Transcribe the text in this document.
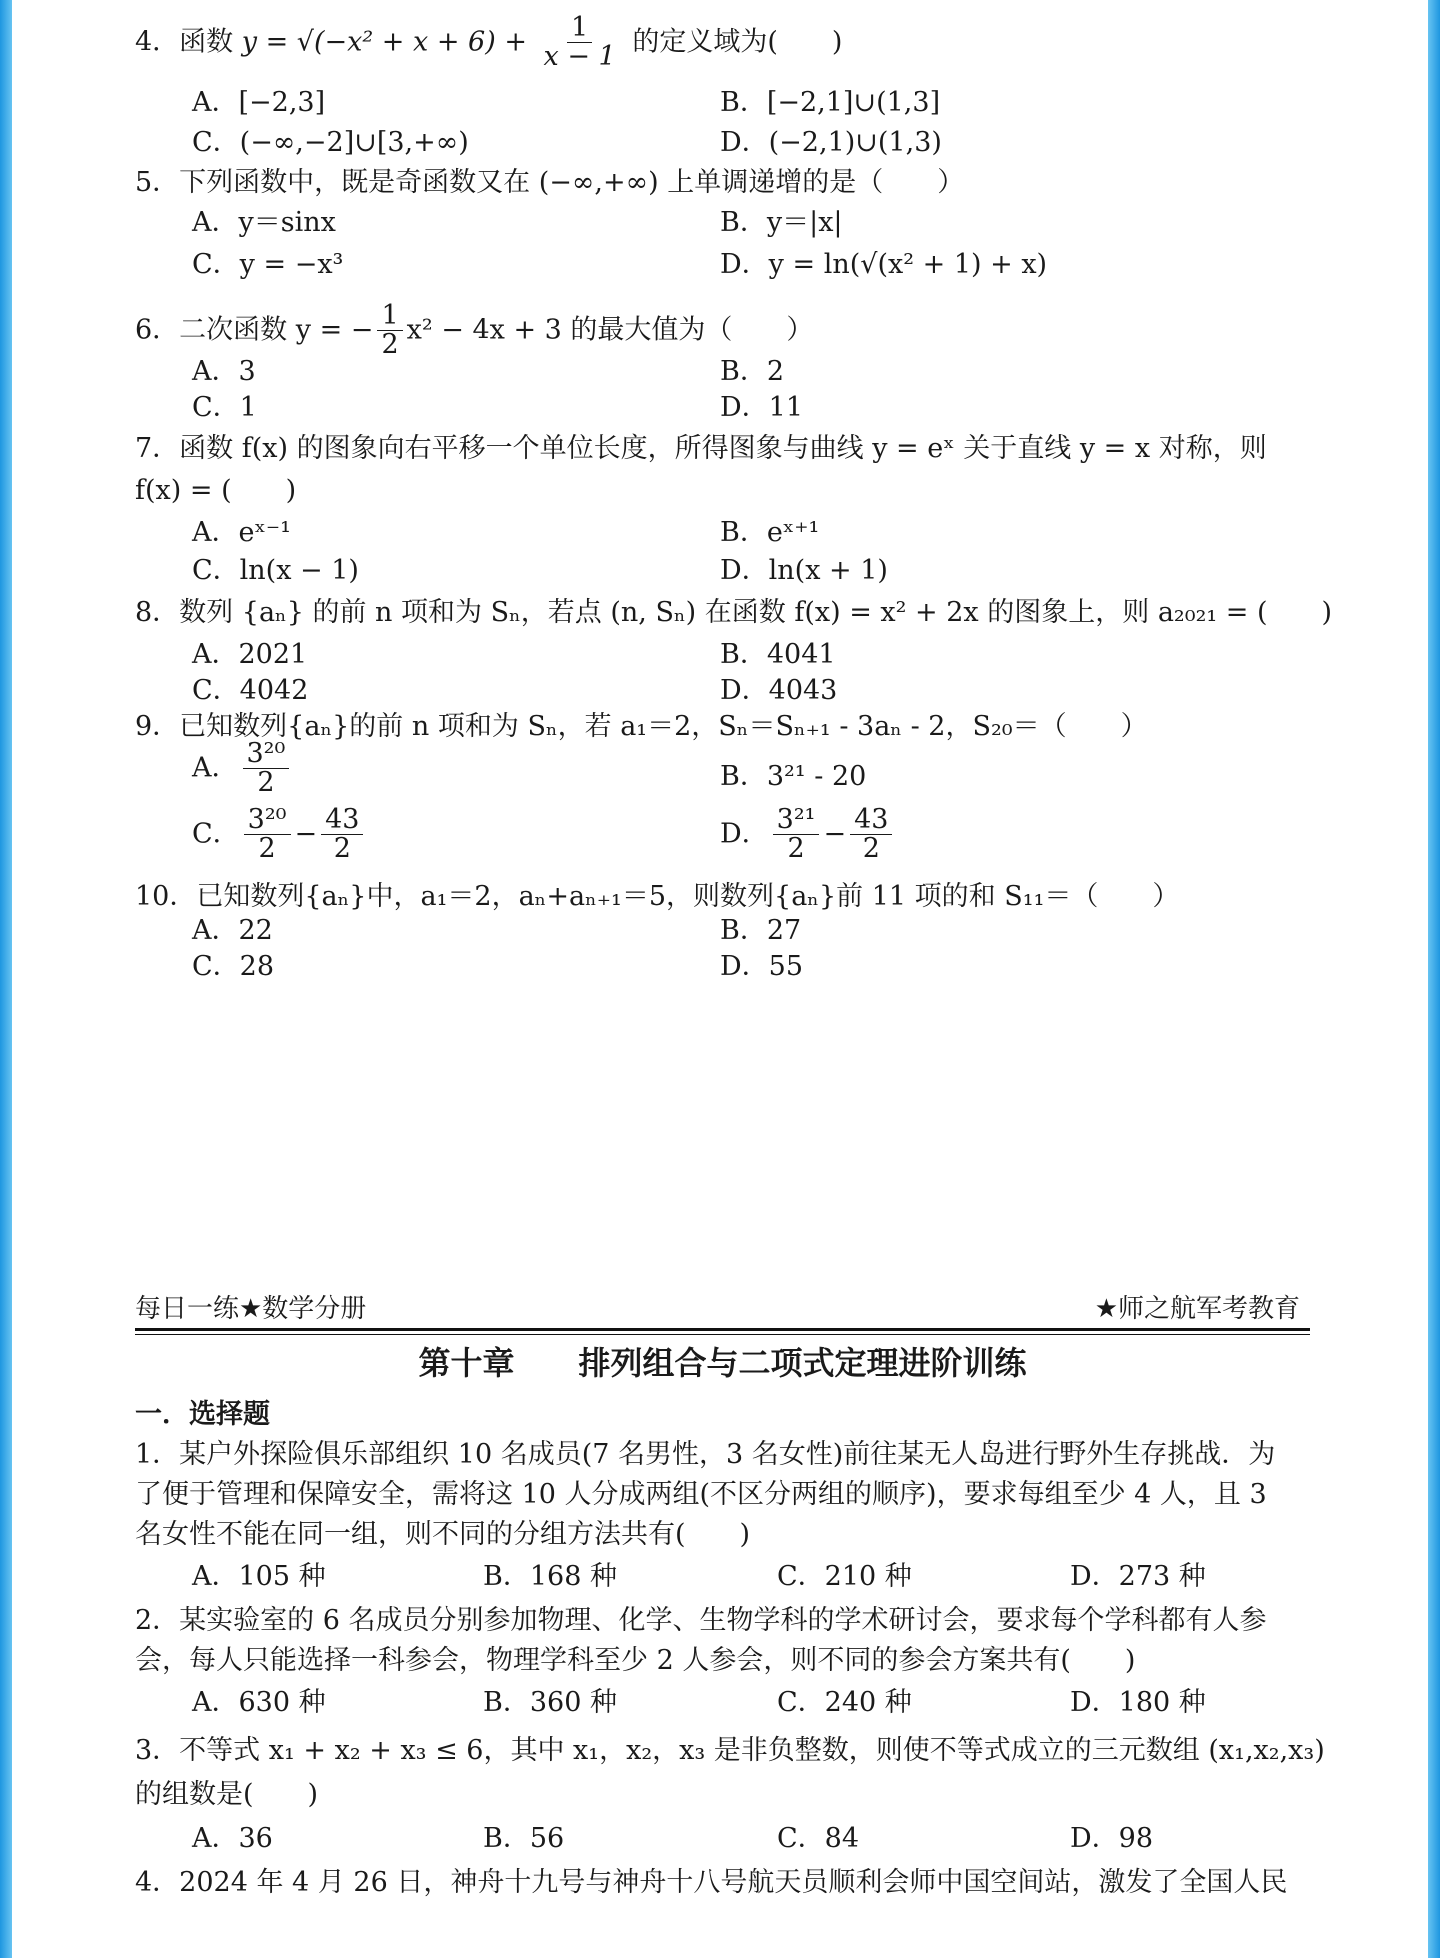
4．函数 $y = √(-x^2 + x + 6) + \frac{1}{x - 1}$ 的定义域为(　　)
A．[−2,3]	B．[−2,1]∪(1,3]
C．(−∞,−2]∪[3,+∞)	D．(−2,1)∪(1,3)
5．下列函数中，既是奇函数又在 (−∞,+∞) 上单调递增的是（　　）
A．y＝sinx	B．y＝|x|
C．y = −x³	D．y = ln(√(x² + 1) + x)
6．二次函数 y = − $\frac{1}{2} x^2 - 4x + 3$ 的最大值为（　　）
A．3	B．2
C．1	D．11
7．函数 f(x) 的图象向右平移一个单位长度，所得图象与曲线 y = eˣ 关于直线 y = x 对称，则
f(x) = (　　)
A．eˣ⁻¹	B．eˣ⁺¹
C．ln(x − 1)	D．ln(x + 1)
8．数列 {aₙ} 的前 n 项和为 Sₙ，若点 (n, Sₙ) 在函数 f(x) = x² + 2x 的图象上，则 a₂₀₂₁ = (　　)
A．2021	B．4041
C．4042	D．4043
9．已知数列{aₙ}的前 n 项和为 Sₙ，若 a₁＝2，Sₙ＝Sₙ₊₁ - 3aₙ - 2，S₂₀＝（　　）
A． $\frac{\text{3²⁰}}{2}$	B．3²¹ - 20
C． $\frac{\text{3²⁰}}{2} - \frac{43}{2}$	D． $\frac{\text{3²¹}}{2} - \frac{43}{2}$
10．已知数列{aₙ}中，a₁＝2，aₙ+aₙ₊₁＝5，则数列{aₙ}前 11 项的和 S₁₁＝（　　）
A．22	B．27
C．28	D．55
每日一练★数学分册	★师之航军考教育
第十章　　排列组合与二项式定理进阶训练
一．选择题
1．某户外探险俱乐部组织 10 名成员(7 名男性，3 名女性)前往某无人岛进行野外生存挑战．为
了便于管理和保障安全，需将这 10 人分成两组(不区分两组的顺序)，要求每组至少 4 人，且 3
名女性不能在同一组，则不同的分组方法共有(　　)
A．105 种	B．168 种	C．210 种	D．273 种
2．某实验室的 6 名成员分别参加物理、化学、生物学科的学术研讨会，要求每个学科都有人参
会，每人只能选择一科参会，物理学科至少 2 人参会，则不同的参会方案共有(　　)
A．630 种	B．360 种	C．240 种	D．180 种
3．不等式 x₁ + x₂ + x₃ ≤ 6，其中 x₁，x₂，x₃ 是非负整数，则使不等式成立的三元数组 (x₁,x₂,x₃)
的组数是(　　)
A．36	B．56	C．84	D．98
4．2024 年 4 月 26 日，神舟十九号与神舟十八号航天员顺利会师中国空间站，激发了全国人民
